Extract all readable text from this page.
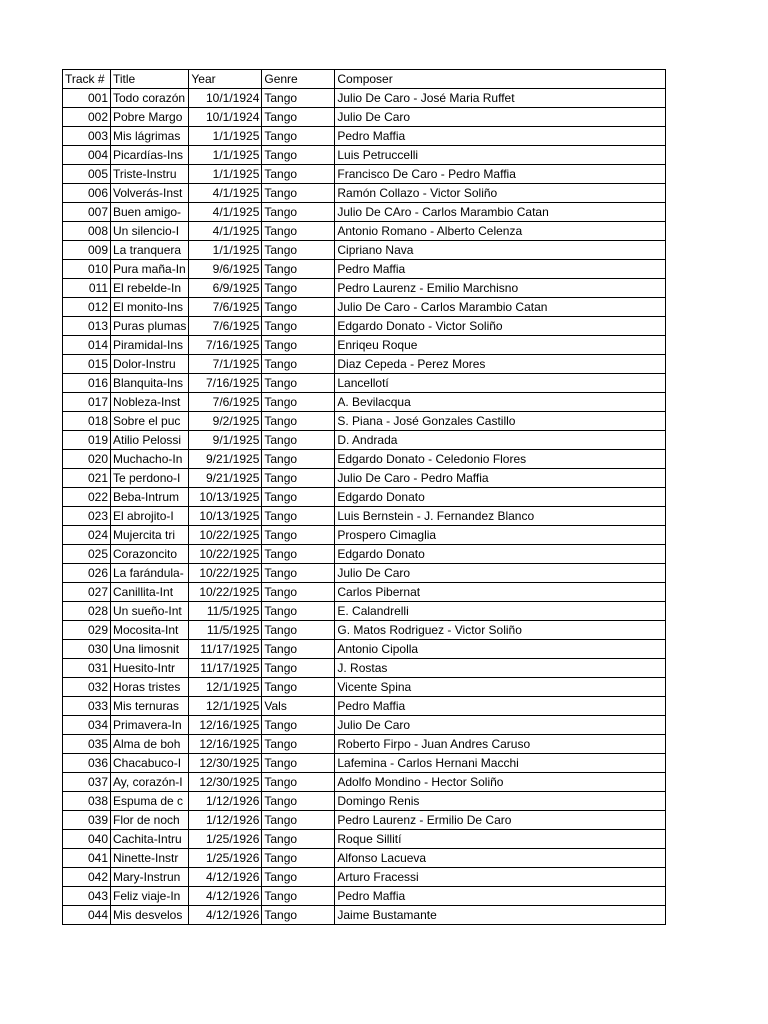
Track #	Title	Year	Genre	Composer
001	Todo corazón	10/1/1924	Tango	Julio De Caro - José Maria Ruffet
002	Pobre Margo	10/1/1924	Tango	Julio De Caro
003	Mis lágrimas	1/1/1925	Tango	Pedro Maffia
004	Picardías-Ins	1/1/1925	Tango	Luis Petruccelli
005	Triste-Instru	1/1/1925	Tango	Francisco De Caro - Pedro Maffia
006	Volverás-Inst	4/1/1925	Tango	Ramón Collazo - Victor Soliño
007	Buen amigo-	4/1/1925	Tango	Julio De CAro - Carlos Marambio Catan
008	Un silencio-I	4/1/1925	Tango	Antonio Romano - Alberto Celenza
009	La tranquera	1/1/1925	Tango	Cipriano Nava
010	Pura maña-In	9/6/1925	Tango	Pedro Maffia
011	El rebelde-In	6/9/1925	Tango	Pedro Laurenz - Emilio Marchisno
012	El monito-Ins	7/6/1925	Tango	Julio De Caro - Carlos Marambio Catan
013	Puras plumas	7/6/1925	Tango	Edgardo Donato - Victor Soliño
014	Piramidal-Ins	7/16/1925	Tango	Enriqeu Roque
015	Dolor-Instru	7/1/1925	Tango	Diaz Cepeda - Perez Mores
016	Blanquita-Ins	7/16/1925	Tango	Lancellotí
017	Nobleza-Inst	7/6/1925	Tango	A. Bevilacqua
018	Sobre el puc	9/2/1925	Tango	S. Piana - José Gonzales Castillo
019	Atilio Pelossi	9/1/1925	Tango	D. Andrada
020	Muchacho-In	9/21/1925	Tango	Edgardo Donato - Celedonio Flores
021	Te perdono-I	9/21/1925	Tango	Julio De Caro - Pedro Maffia
022	Beba-Intrum	10/13/1925	Tango	Edgardo Donato
023	El abrojito-I	10/13/1925	Tango	Luis Bernstein - J. Fernandez Blanco
024	Mujercita tri	10/22/1925	Tango	Prospero Cimaglia
025	Corazoncito	10/22/1925	Tango	Edgardo Donato
026	La farándula-	10/22/1925	Tango	Julio De Caro
027	Canillita-Int	10/22/1925	Tango	Carlos Pibernat
028	Un sueño-Int	11/5/1925	Tango	E. Calandrelli
029	Mocosita-Int	11/5/1925	Tango	G. Matos Rodriguez - Victor Soliño
030	Una limosnit	11/17/1925	Tango	Antonio Cipolla
031	Huesito-Intr	11/17/1925	Tango	J. Rostas
032	Horas tristes	12/1/1925	Tango	Vicente Spina
033	Mis ternuras	12/1/1925	Vals	Pedro Maffia
034	Primavera-In	12/16/1925	Tango	Julio De Caro
035	Alma de boh	12/16/1925	Tango	Roberto Firpo - Juan Andres Caruso
036	Chacabuco-I	12/30/1925	Tango	Lafemina - Carlos Hernani Macchi
037	Ay, corazón-I	12/30/1925	Tango	Adolfo Mondino - Hector Soliño
038	Espuma de c	1/12/1926	Tango	Domingo Renis
039	Flor de noch	1/12/1926	Tango	Pedro Laurenz - Ermilio De Caro
040	Cachita-Intru	1/25/1926	Tango	Roque Sillití
041	Ninette-Instr	1/25/1926	Tango	Alfonso Lacueva
042	Mary-Instrun	4/12/1926	Tango	Arturo Fracessi
043	Feliz viaje-In	4/12/1926	Tango	Pedro Maffia
044	Mis desvelos	4/12/1926	Tango	Jaime Bustamante
